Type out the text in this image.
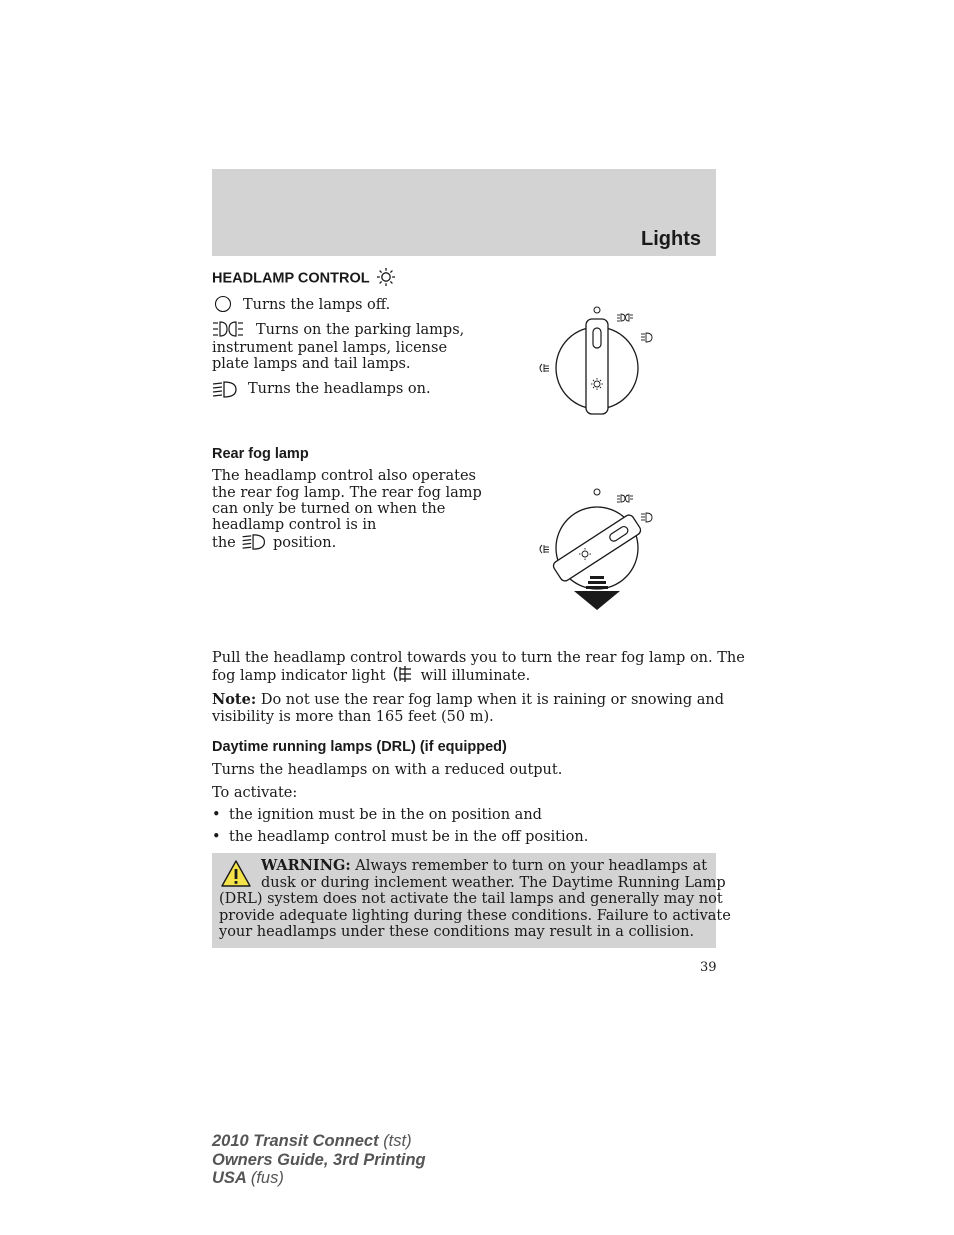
Lights
HEADLAMP CONTROL
Turns the lamps off.
Turns on the parking lamps,
instrument panel lamps, license
plate lamps and tail lamps.
Turns the headlamps on.
Rear fog lamp
The headlamp control also operates
the rear fog lamp. The rear fog lamp
can only be turned on when the
headlamp control is in
the	position.
Pull the headlamp control towards you to turn the rear fog lamp on. The
fog lamp indicator light will illuminate.
Note: Do not use the rear fog lamp when it is raining or snowing and
visibility is more than 165 feet (50 m).
Daytime running lamps (DRL) (if equipped)
Turns the headlamps on with a reduced output.
To activate:
• the ignition must be in the on position and
• the headlamp control must be in the off position.
WARNING: Always remember to turn on your headlamps at
dusk or during inclement weather. The Daytime Running Lamp
(DRL) system does not activate the tail lamps and generally may not
provide adequate lighting during these conditions. Failure to activate
your headlamps under these conditions may result in a collision.
39
2010 Transit Connect (tst)
Owners Guide, 3rd Printing
USA (fus)
